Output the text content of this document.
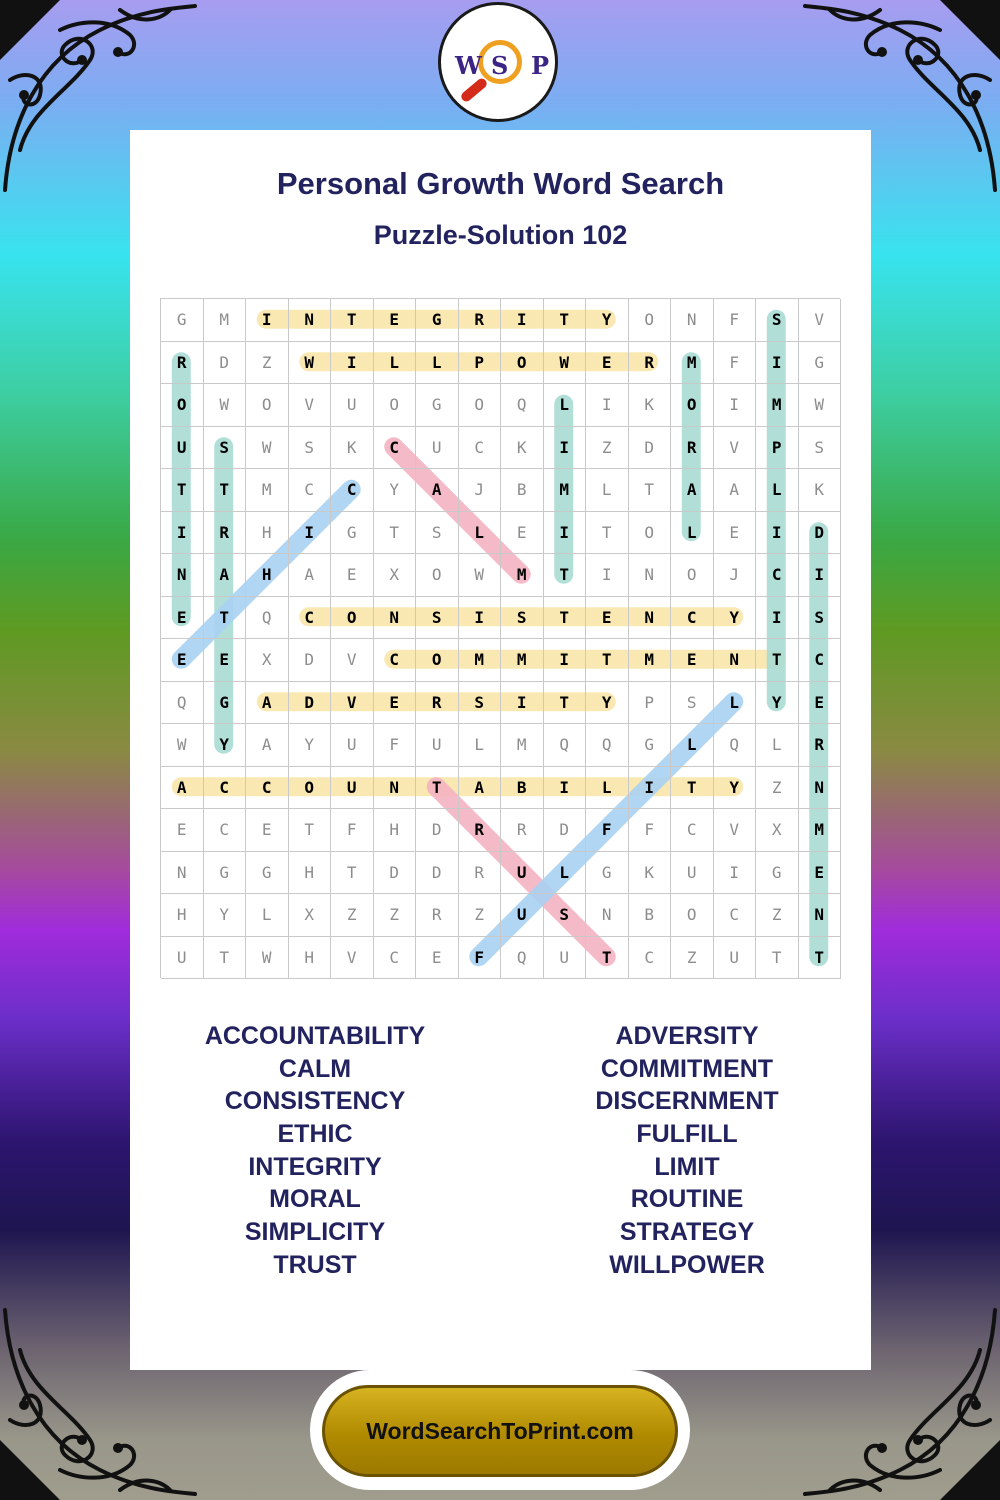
W S P
Personal Growth Word Search
Puzzle-Solution 102
G	M	I	N	T	E	G	R	I	T	Y	O	N	F	S	V
R	D	Z	W	I	L	L	P	O	W	E	R	M	F	I	G
O	W	O	V	U	O	G	O	Q	L	I	K	O	I	M	W
U	S	W	S	K	C	U	C	K	I	Z	D	R	V	P	S
T	T	M	C	C	Y	A	J	B	M	L	T	A	A	L	K
I	R	H	I	G	T	S	L	E	I	T	O	L	E	I	D
N	A	H	A	E	X	O	W	M	T	I	N	O	J	C	I
E	T	Q	C	O	N	S	I	S	T	E	N	C	Y	I	S
E	E	X	D	V	C	O	M	M	I	T	M	E	N	T	C
Q	G	A	D	V	E	R	S	I	T	Y	P	S	L	Y	E
W	Y	A	Y	U	F	U	L	M	Q	Q	G	L	Q	L	R
A	C	C	O	U	N	T	A	B	I	L	I	T	Y	Z	N
E	C	E	T	F	H	D	R	R	D	F	F	C	V	X	M
N	G	G	H	T	D	D	R	U	L	G	K	U	I	G	E
H	Y	L	X	Z	Z	R	Z	U	S	N	B	O	C	Z	N
U	T	W	H	V	C	E	F	Q	U	T	C	Z	U	T	T
ACCOUNTABILITY
CALM
CONSISTENCY
ETHIC
INTEGRITY
MORAL
SIMPLICITY
TRUST
ADVERSITY
COMMITMENT
DISCERNMENT
FULFILL
LIMIT
ROUTINE
STRATEGY
WILLPOWER
WordSearchToPrint.com
